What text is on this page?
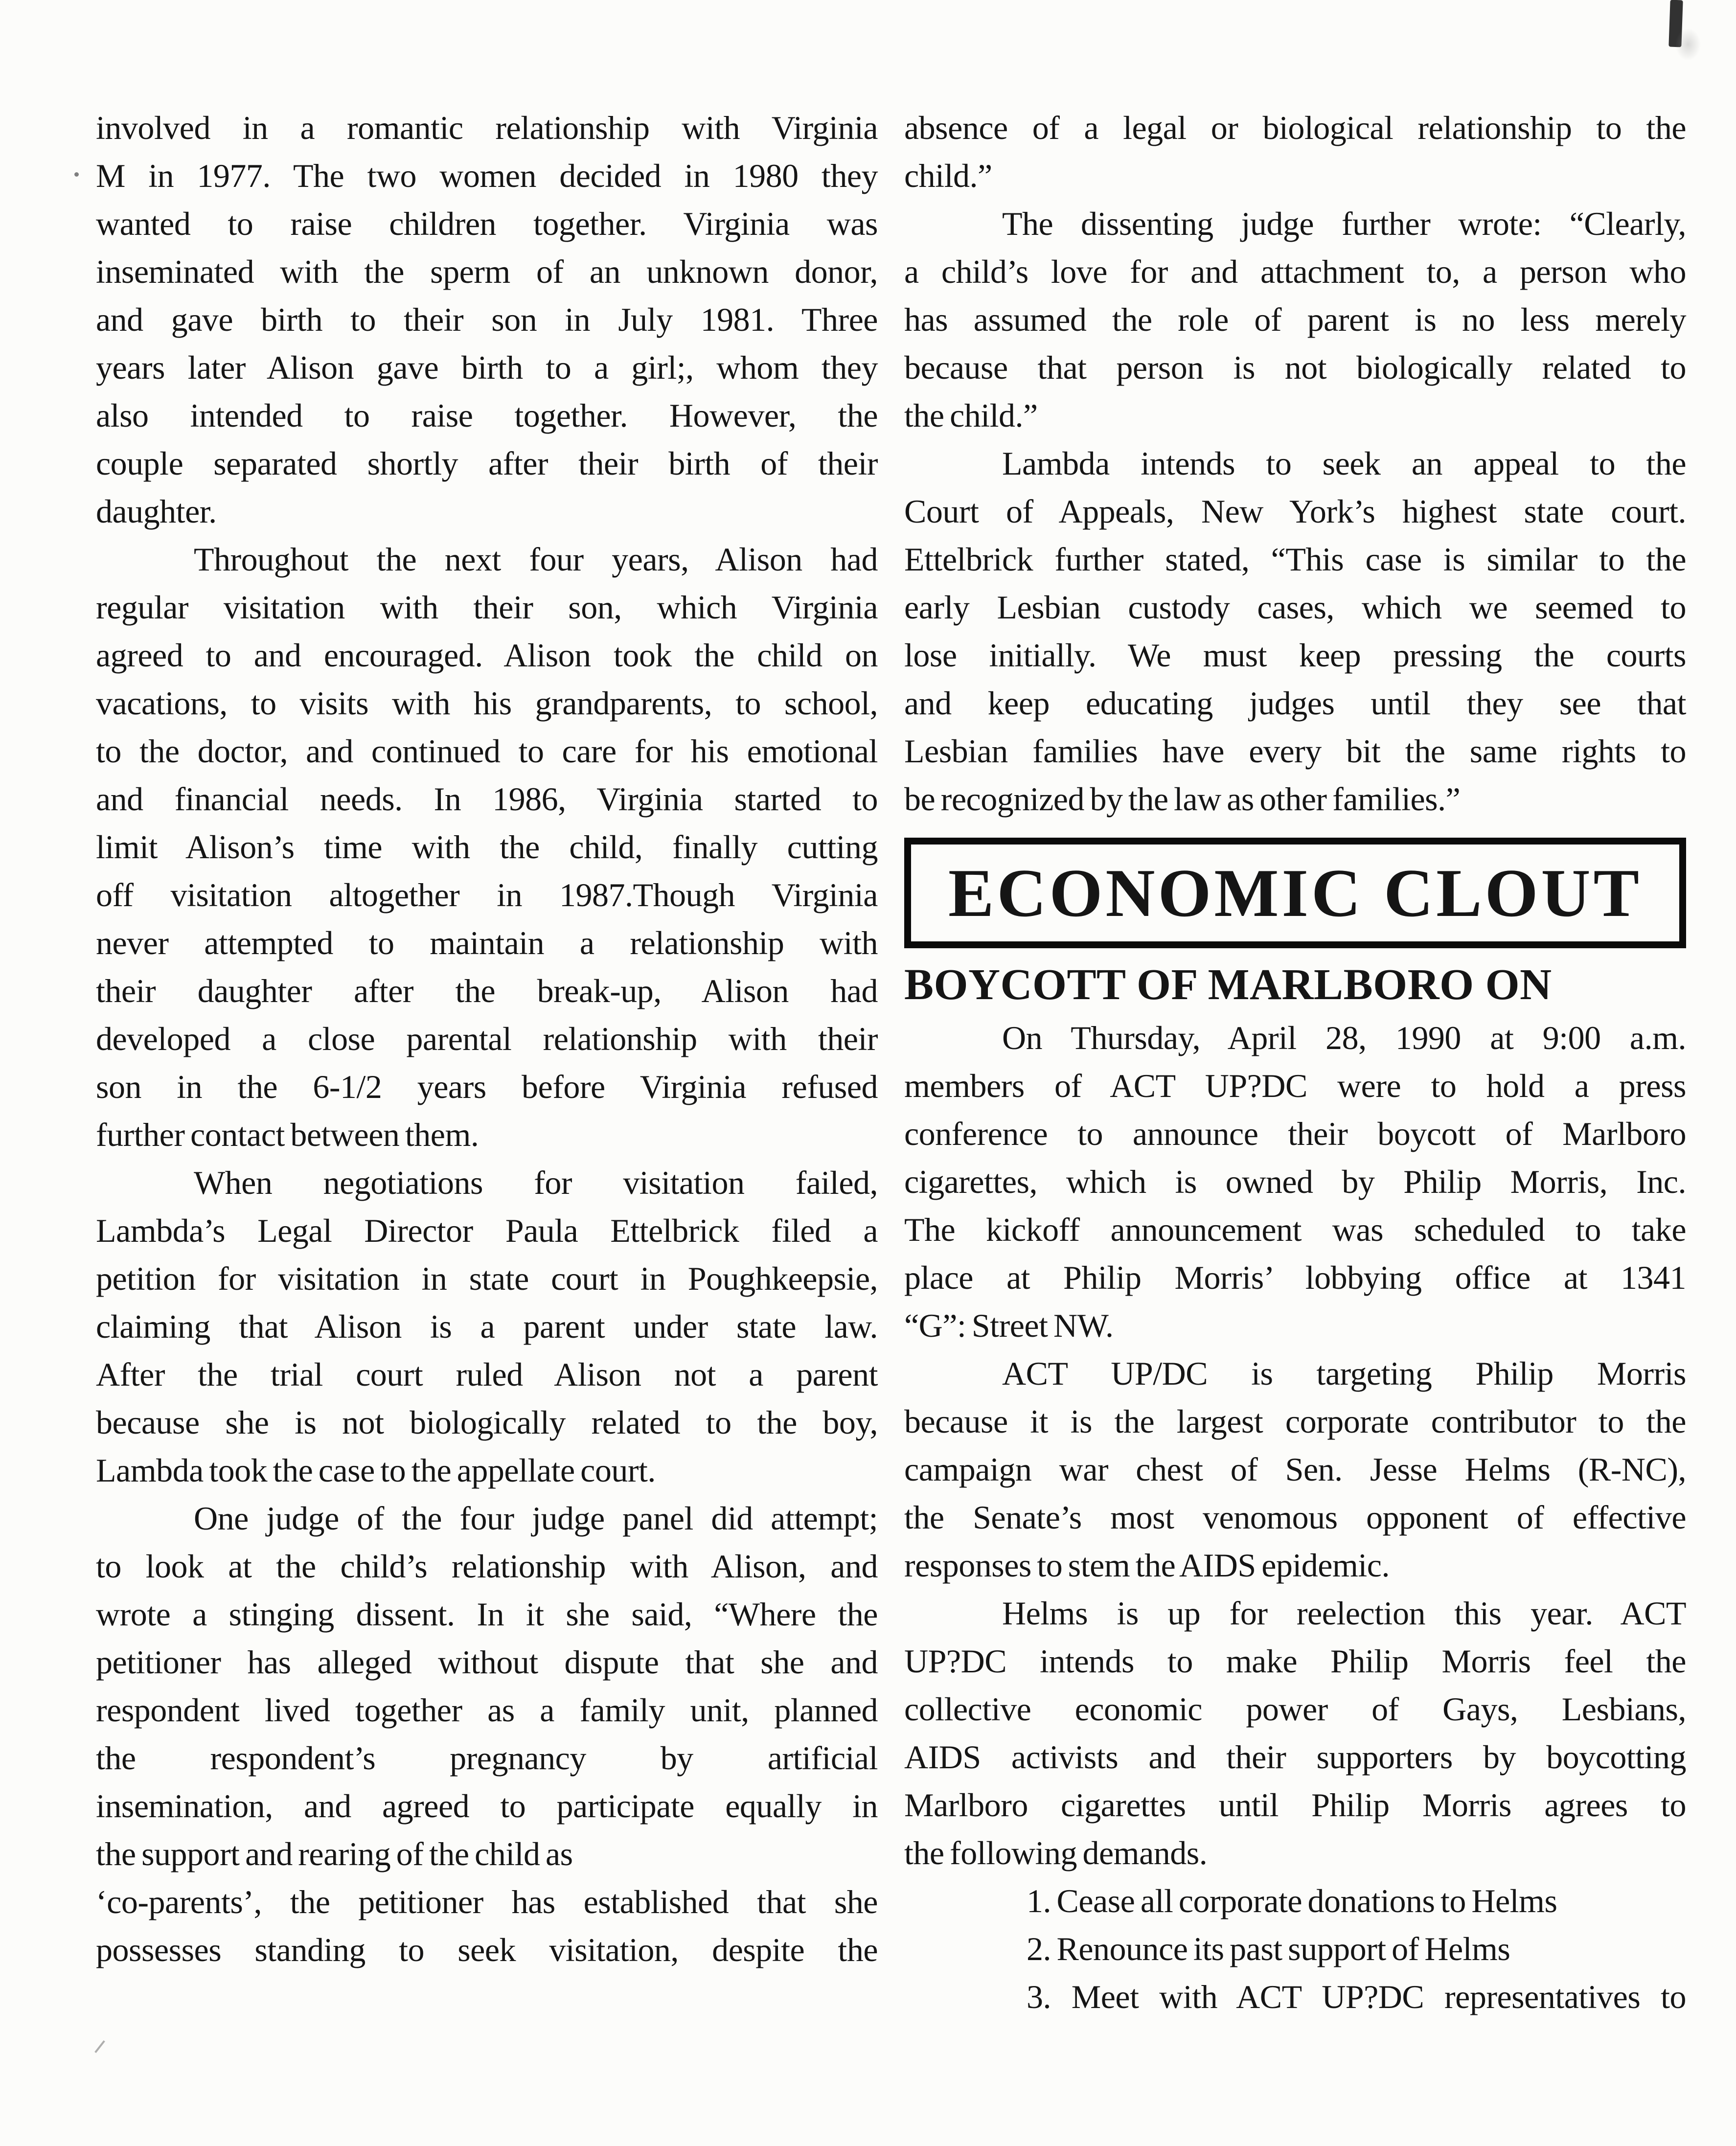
involved in a romantic relationship with Virginia
M in 1977. The two women decided in 1980 they
wanted to raise children together. Virginia was
inseminated with the sperm of an unknown donor,
and gave birth to their son in July 1981. Three
years later Alison gave birth to a girl;, whom they
also intended to raise together. However, the
couple separated shortly after their birth of their
daughter.
Throughout the next four years, Alison had
regular visitation with their son, which Virginia
agreed to and encouraged. Alison took the child on
vacations, to visits with his grandparents, to school,
to the doctor, and continued to care for his emotional
and financial needs. In 1986, Virginia started to
limit Alison’s time with the child, finally cutting
off visitation altogether in 1987.Though Virginia
never attempted to maintain a relationship with
their daughter after the break-up, Alison had
developed a close parental relationship with their
son in the 6-1/2 years before Virginia refused
further contact between them.
When negotiations for visitation failed,
Lambda’s Legal Director Paula Ettelbrick filed a
petition for visitation in state court in Poughkeepsie,
claiming that Alison is a parent under state law.
After the trial court ruled Alison not a parent
because she is not biologically related to the boy,
Lambda took the case to the appellate court.
One judge of the four judge panel did attempt;
to look at the child’s relationship with Alison, and
wrote a stinging dissent. In it she said, “Where the
petitioner has alleged without dispute that she and
respondent lived together as a family unit, planned
the respondent’s pregnancy by artificial
insemination, and agreed to participate equally in
the support and rearing of the child as
‘co-parents’, the petitioner has established that she
possesses standing to seek visitation, despite the
absence of a legal or biological relationship to the
child.”
The dissenting judge further wrote: “Clearly,
a child’s love for and attachment to, a person who
has assumed the role of parent is no less merely
because that person is not biologically related to
the child.”
Lambda intends to seek an appeal to the
Court of Appeals, New York’s highest state court.
Ettelbrick further stated, “This case is similar to the
early Lesbian custody cases, which we seemed to
lose initially. We must keep pressing the courts
and keep educating judges until they see that
Lesbian families have every bit the same rights to
be recognized by the law as other families.”
ECONOMIC CLOUT
BOYCOTT OF MARLBORO ON
On Thursday, April 28, 1990 at 9:00 a.m.
members of ACT UP?DC were to hold a press
conference to announce their boycott of Marlboro
cigarettes, which is owned by Philip Morris, Inc.
The kickoff announcement was scheduled to take
place at Philip Morris’ lobbying office at 1341
“G”: Street NW.
ACT UP/DC is targeting Philip Morris
because it is the largest corporate contributor to the
campaign war chest of Sen. Jesse Helms (R-NC),
the Senate’s most venomous opponent of effective
responses to stem the AIDS epidemic.
Helms is up for reelection this year. ACT
UP?DC intends to make Philip Morris feel the
collective economic power of Gays, Lesbians,
AIDS activists and their supporters by boycotting
Marlboro cigarettes until Philip Morris agrees to
the following demands.
1. Cease all corporate donations to Helms
2. Renounce its past support of Helms
3. Meet with ACT UP?DC representatives to
